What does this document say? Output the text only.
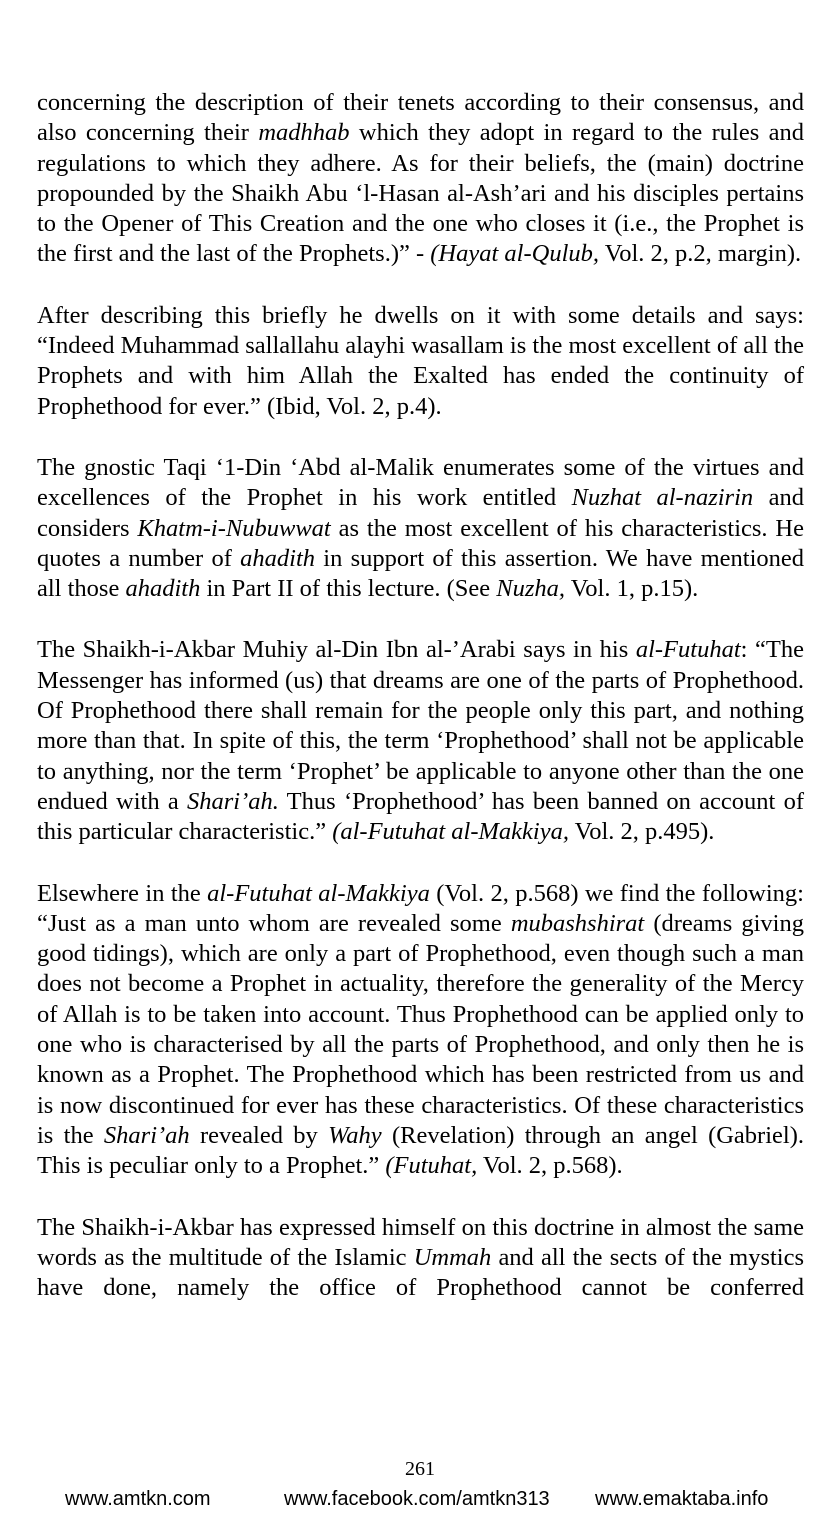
concerning the description of their tenets according to their consensus, and also concerning their madhhab which they adopt in regard to the rules and regulations to which they adhere. As for their beliefs, the (main) doctrine propounded by the Shaikh Abu ‘l-Hasan al-Ash’ari and his disciples pertains to the Opener of This Creation and the one who closes it (i.e., the Prophet is the first and the last of the Prophets.)” - (Hayat al-Qulub, Vol. 2, p.2, margin).

After describing this briefly he dwells on it with some details and says: “Indeed Muhammad sallallahu alayhi wasallam is the most excellent of all the Prophets and with him Allah the Exalted has ended the continuity of Prophethood for ever.” (Ibid, Vol. 2, p.4).

The gnostic Taqi ‘1-Din ‘Abd al-Malik enumerates some of the virtues and excellences of the Prophet in his work entitled Nuzhat al-nazirin and considers Khatm-i-Nubuwwat as the most excellent of his characteristics. He quotes a number of ahadith in support of this assertion. We have mentioned all those ahadith in Part II of this lecture. (See Nuzha, Vol. 1, p.15).

The Shaikh-i-Akbar Muhiy al-Din Ibn al-’Arabi says in his al-Futuhat: “The Messenger has informed (us) that dreams are one of the parts of Prophethood. Of Prophethood there shall remain for the people only this part, and nothing more than that. In spite of this, the term ‘Prophethood’ shall not be applicable to anything, nor the term ‘Prophet’ be applicable to anyone other than the one endued with a Shari’ah. Thus ‘Prophethood’ has been banned on account of this particular characteristic.” (al-Futuhat al-Makkiya, Vol. 2, p.495).

Elsewhere in the al-Futuhat al-Makkiya (Vol. 2, p.568) we find the following: “Just as a man unto whom are revealed some mubashshirat (dreams giving good tidings), which are only a part of Prophethood, even though such a man does not become a Prophet in actuality, therefore the generality of the Mercy of Allah is to be taken into account. Thus Prophethood can be applied only to one who is characterised by all the parts of Prophethood, and only then he is known as a Prophet. The Prophethood which has been restricted from us and is now discontinued for ever has these characteristics. Of these characteristics is the Shari’ah revealed by Wahy (Revelation) through an angel (Gabriel). This is peculiar only to a Prophet.” (Futuhat, Vol. 2, p.568).

The Shaikh-i-Akbar has expressed himself on this doctrine in almost the same words as the multitude of the Islamic Ummah and all the sects of the mystics have done, namely the office of Prophethood cannot be conferred

261
www.amtkn.com	www.facebook.com/amtkn313 www.emaktaba.info
